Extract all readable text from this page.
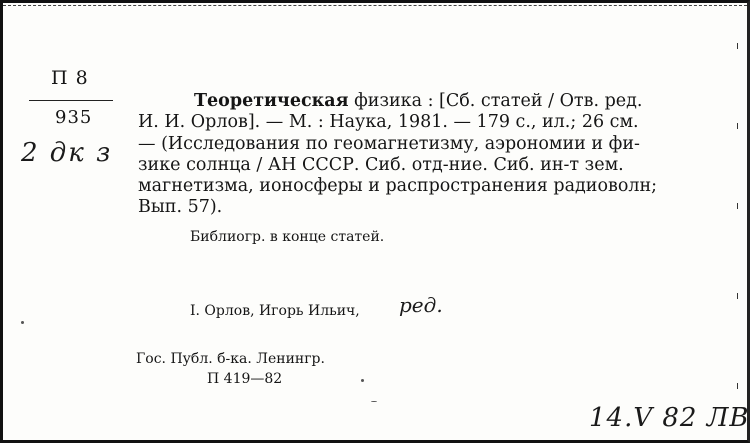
П 8
935
2 дк з
Теоретическая физика : [Сб. статей / Отв. ред.
И. И. Орлов]. — М. : Наука, 1981. — 179 с., ил.; 26 см.
— (Исследования по геомагнетизму, аэрономии и фи-
зике солнца / АН СССР. Сиб. отд-ние. Сиб. ин-т зем.
магнетизма, ионосферы и распространения радиоволн;
Вып. 57).
Библиогр. в конце статей.
I. Орлов, Игорь Ильич, ред.
Гос. Публ. б-ка. Ленингр.
П 419—82
14.V 82 ЛВ
